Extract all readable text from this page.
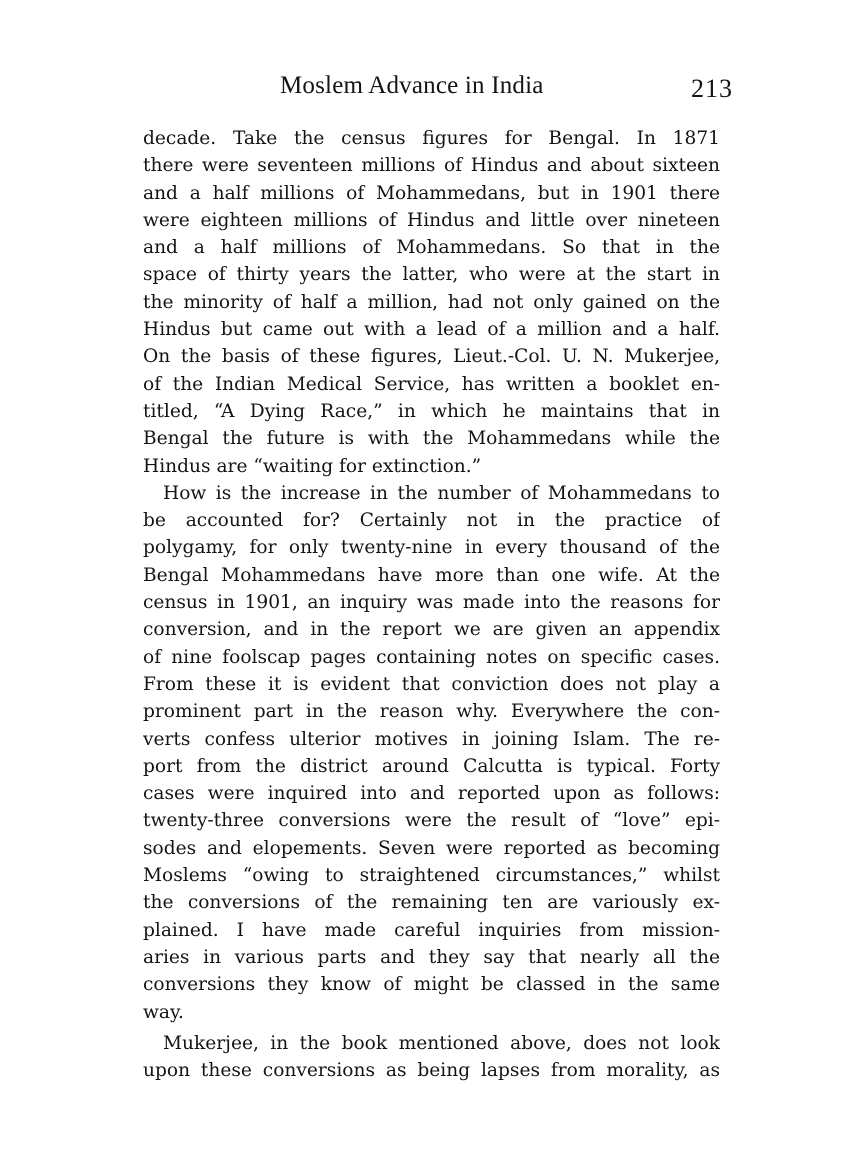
Moslem Advance in India	213
decade. Take the census figures for Bengal. In 1871
there were seventeen millions of Hindus and about sixteen
and a half millions of Mohammedans, but in 1901 there
were eighteen millions of Hindus and little over nineteen
and a half millions of Mohammedans. So that in the
space of thirty years the latter, who were at the start in
the minority of half a million, had not only gained on the
Hindus but came out with a lead of a million and a half.
On the basis of these figures, Lieut.-Col. U. N. Mukerjee,
of the Indian Medical Service, has written a booklet en-
titled, “A Dying Race,” in which he maintains that in
Bengal the future is with the Mohammedans while the
Hindus are “waiting for extinction.”
How is the increase in the number of Mohammedans to
be accounted for? Certainly not in the practice of
polygamy, for only twenty-nine in every thousand of the
Bengal Mohammedans have more than one wife. At the
census in 1901, an inquiry was made into the reasons for
conversion, and in the report we are given an appendix
of nine foolscap pages containing notes on specific cases.
From these it is evident that conviction does not play a
prominent part in the reason why. Everywhere the con-
verts confess ulterior motives in joining Islam. The re-
port from the district around Calcutta is typical. Forty
cases were inquired into and reported upon as follows:
twenty-three conversions were the result of “love” epi-
sodes and elopements. Seven were reported as becoming
Moslems “owing to straightened circumstances,” whilst
the conversions of the remaining ten are variously ex-
plained. I have made careful inquiries from mission-
aries in various parts and they say that nearly all the
conversions they know of might be classed in the same
way.
Mukerjee, in the book mentioned above, does not look
upon these conversions as being lapses from morality, as
